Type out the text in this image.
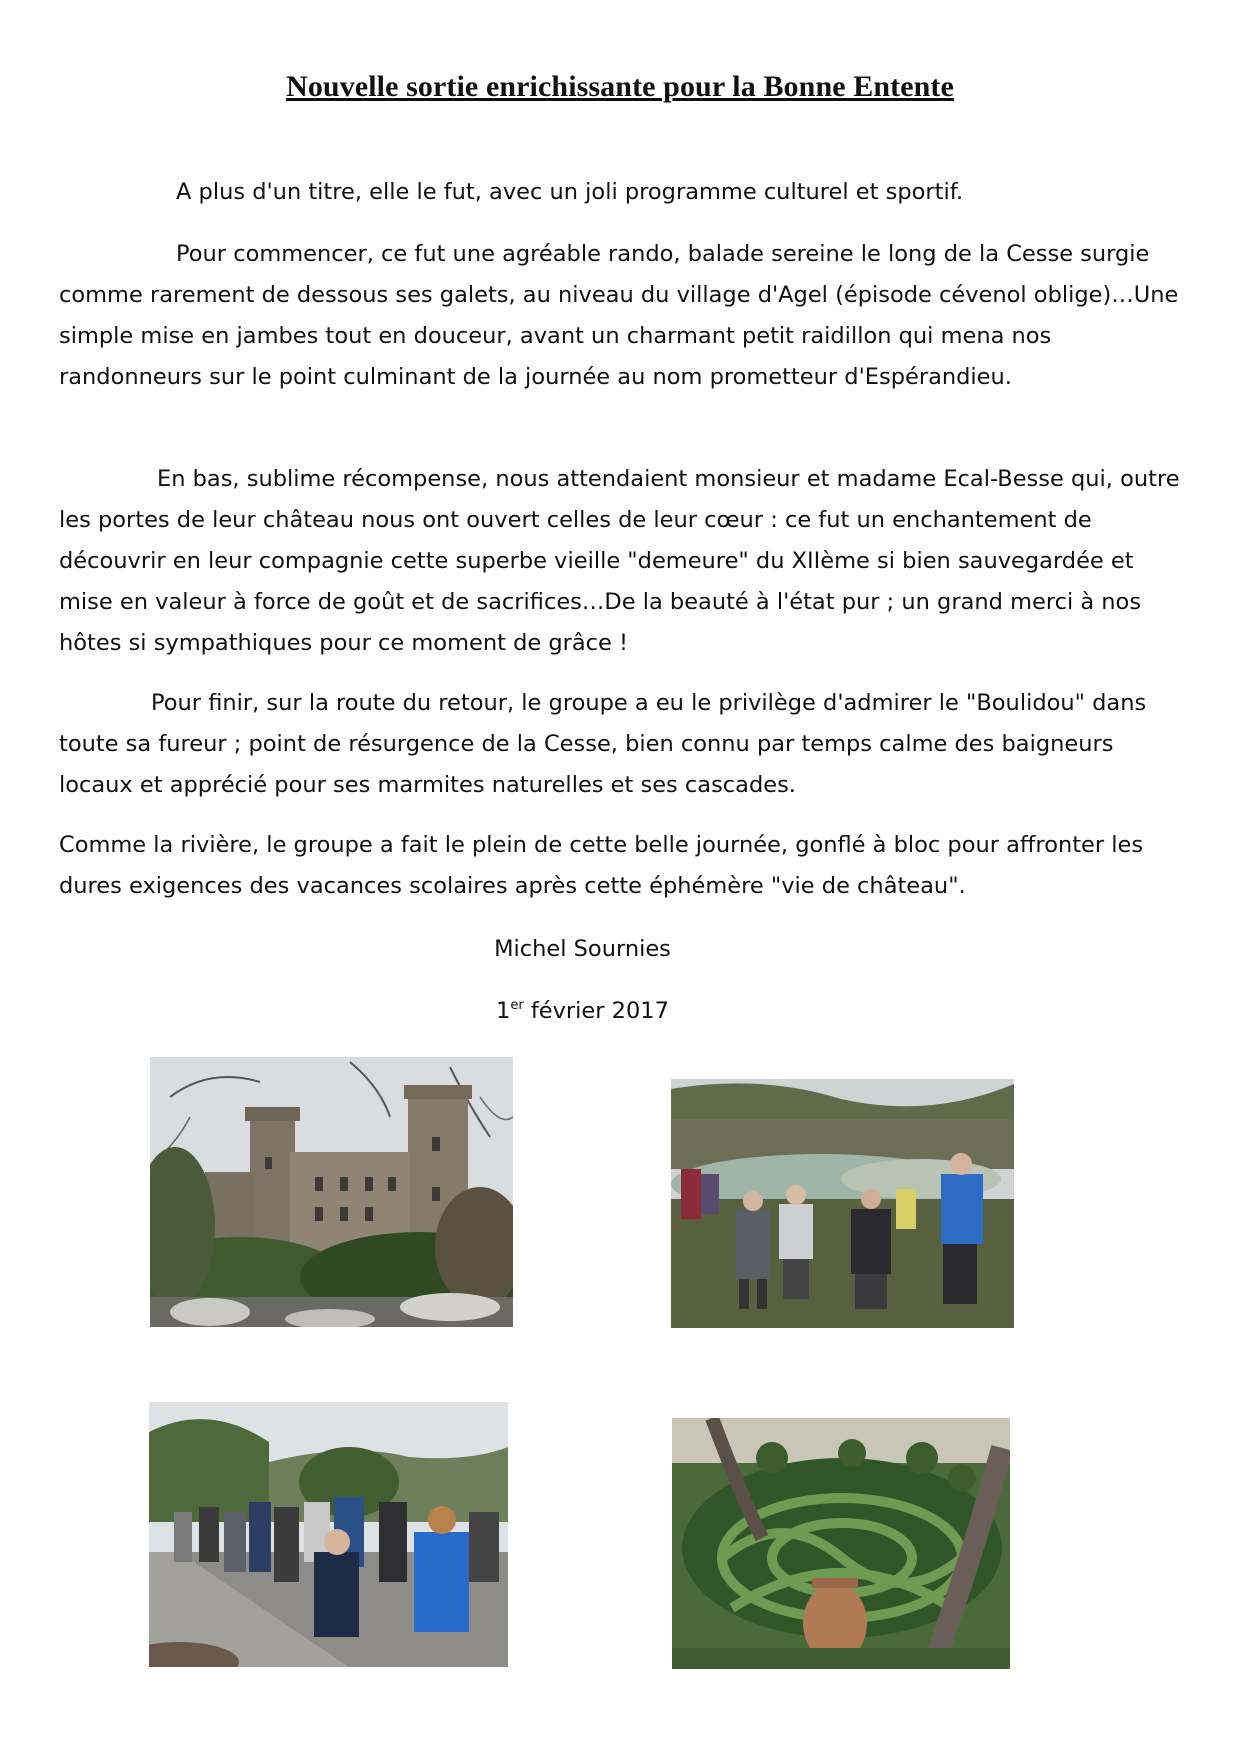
Nouvelle sortie enrichissante pour la Bonne Entente

A plus d'un titre, elle le fut, avec un joli programme culturel et sportif.

Pour commencer, ce fut une agréable rando, balade sereine le long de la Cesse surgie comme rarement de dessous ses galets, au niveau du village d'Agel (épisode cévenol oblige)…Une simple mise en jambes tout en douceur, avant un charmant petit raidillon qui mena nos randonneurs sur le point culminant de la journée au nom prometteur d'Espérandieu.

En bas, sublime récompense, nous attendaient monsieur et madame Ecal-Besse qui, outre les portes de leur château nous ont ouvert celles de leur cœur : ce fut un enchantement de découvrir en leur compagnie cette superbe vieille "demeure" du XIIème si bien sauvegardée et mise en valeur à force de goût et de sacrifices…De la beauté à l'état pur ; un grand merci à nos hôtes si sympathiques pour ce moment de grâce !

Pour finir, sur la route du retour, le groupe a eu le privilège d'admirer le "Boulidou" dans toute sa fureur ; point de résurgence de la Cesse, bien connu par temps calme des baigneurs locaux et apprécié pour ses marmites naturelles et ses cascades.

Comme la rivière, le groupe a fait le plein de cette belle journée, gonflé à bloc pour affronter les dures exigences des vacances scolaires après cette éphémère "vie de château".

Michel Sournies
1er février 2017
